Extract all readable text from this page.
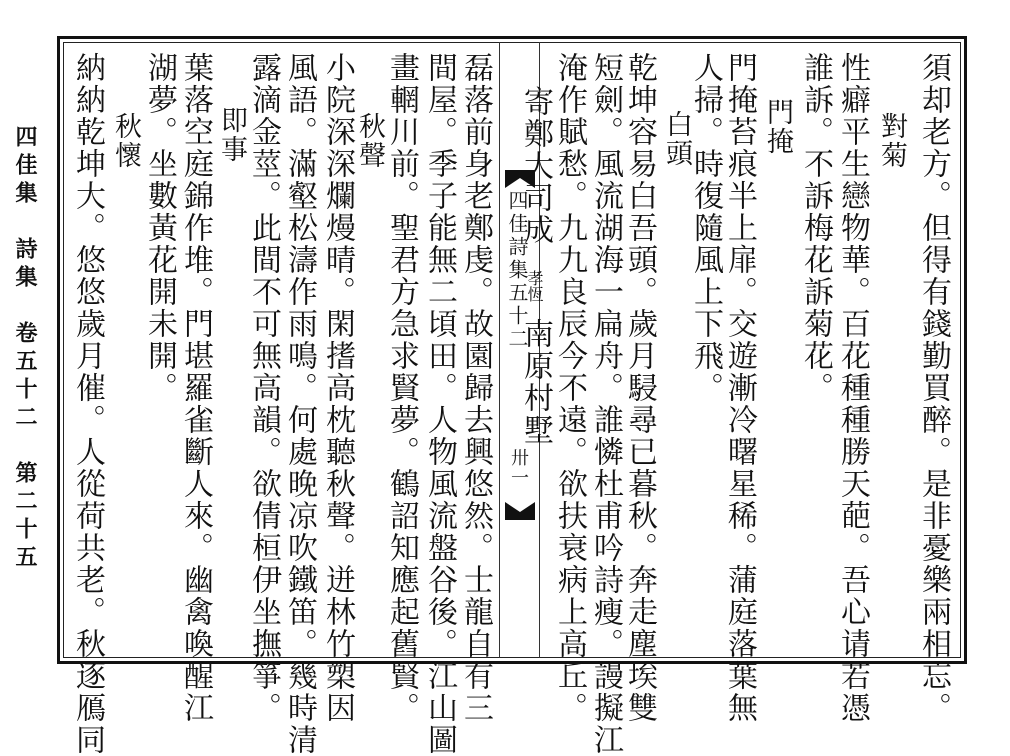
四佳集　詩集　卷五十二　第二十五	四佳詩集五十二
卅一	須却老方。但得有錢勤買醉。是非憂樂兩相忘。
對菊
性癖平生戀物華。百花種種勝天葩。吾心请若憑
誰訴。不訴梅花訴菊花。
門掩
門掩苔痕半上扉。交遊漸冷曙星稀。蒲庭落葉無
人掃。時復隨風上下飛。
白頭
乾坤容易白吾頭。歲月駸尋已暮秋。奔走塵埃雙
短劍。風流湖海一扁舟。誰憐杜甫吟詩瘦。謾擬江
淹作賦愁。九九良辰今不遠。欲扶衰病上高丘。
寄鄭大司成
孝恆
南原村墅
磊落前身老鄭虔。故園歸去興悠然。士龍自有三
間屋。季子能無二頃田。人物風流盤谷後。江山圖
畫輞川前。聖君方急求賢夢。鶴詔知應起舊賢。
秋聲
小院深深爛熳晴。閑搘高枕聽秋聲。迸林竹槊因
風語。滿壑松濤作雨鳴。何處晚凉吹鐵笛。幾時清
露滴金莖。此間不可無高韻。欲倩桓伊坐撫箏。
即事
葉落空庭錦作堆。門堪羅雀斷人來。幽禽喚醒江
湖夢。坐數黃花開未開。
秋懷
納納乾坤大。悠悠歲月催。人從荷共老。秋逐鴈同
